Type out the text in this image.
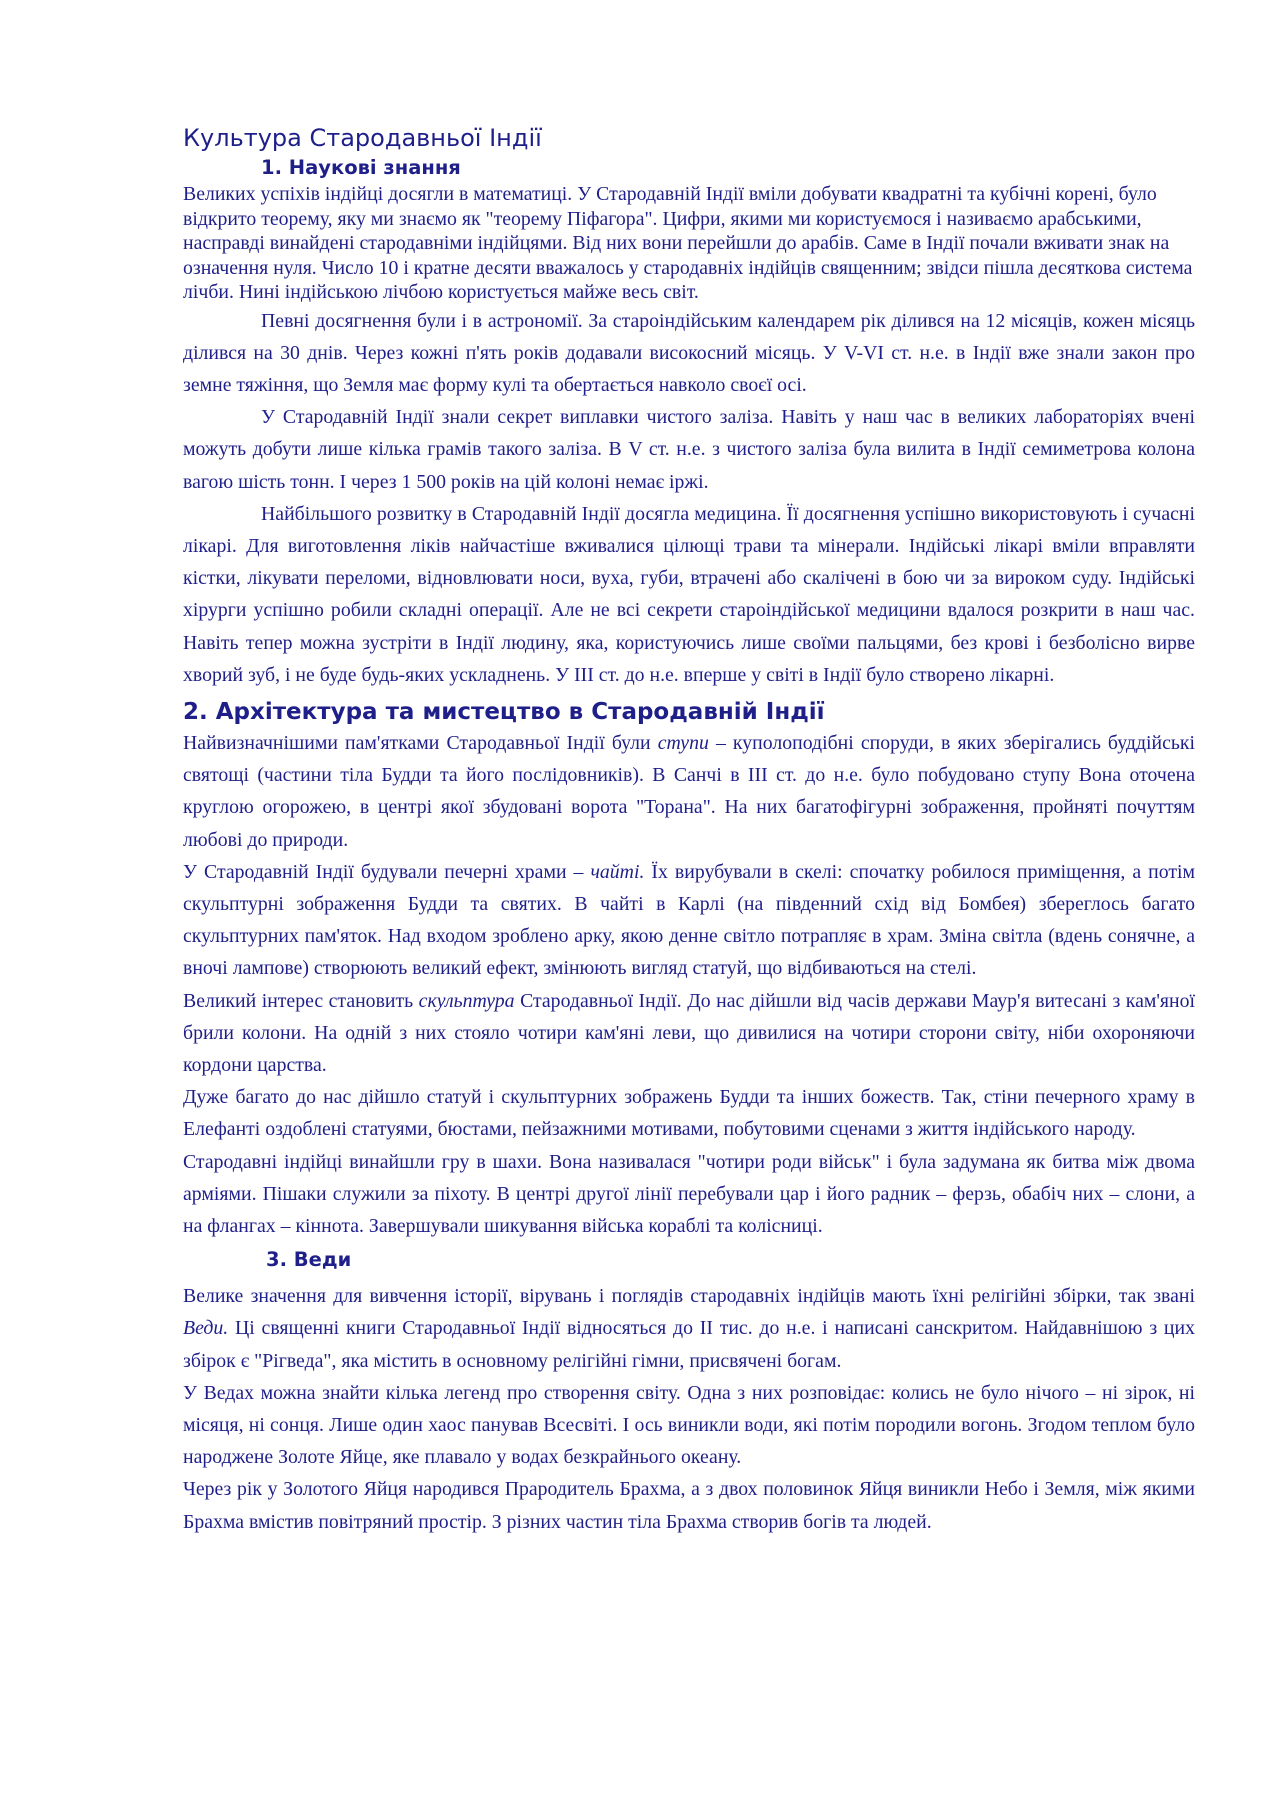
Культура Стародавньої Індії
1. Наукові знання

Великих успіхів індійці досягли в математиці. У Стародавній Індії вміли добувати квадратні та кубічні корені, було відкрито теорему, яку ми знаємо як "теорему Піфагора". Цифри, якими ми користуємося і називаємо арабськими, насправді винайдені стародавніми індійцями. Від них вони перейшли до арабів. Саме в Індії почали вживати знак на означення нуля. Число 10 і кратне десяти вважалось у стародавніх індійців священним; звідси пішла десяткова система лічби. Нині індійською лічбою користується майже весь світ.

Певні досягнення були і в астрономії. За староіндійським календарем рік ділився на 12 місяців, кожен місяць ділився на 30 днів. Через кожні п'ять років додавали високосний місяць. У V-VI ст. н.е. в Індії вже знали закон про земне тяжіння, що Земля має форму кулі та обертається навколо своєї осі.

У Стародавній Індії знали секрет виплавки чистого заліза. Навіть у наш час в великих лабораторіях вчені можуть добути лише кілька грамів такого заліза. В V ст. н.е. з чистого заліза була вилита в Індії семиметрова колона вагою шість тонн. І через 1 500 років на цій колоні немає іржі.

Найбільшого розвитку в Стародавній Індії досягла медицина. Її досягнення успішно використовують і сучасні лікарі. Для виготовлення ліків найчастіше вживалися цілющі трави та мінерали. Індійські лікарі вміли вправляти кістки, лікувати переломи, відновлювати носи, вуха, губи, втрачені або скалічені в бою чи за вироком суду. Індійські хірурги успішно робили складні операції. Але не всі секрети староіндійської медицини вдалося розкрити в наш час. Навіть тепер можна зустріти в Індії людину, яка, користуючись лише своїми пальцями, без крові і безболісно вирве хворий зуб, і не буде будь-яких ускладнень. У ІІІ ст. до н.е. вперше у світі в Індії було створено лікарні.

2. Архітектура та мистецтво в Стародавній Індії

Найвизначнішими пам'ятками Стародавньої Індії були ступи – куполоподібні споруди, в яких зберігались буддійські святощі (частини тіла Будди та його послідовників). В Санчі в ІІІ ст. до н.е. було побудовано ступу Вона оточена круглою огорожею, в центрі якої збудовані ворота "Торана". На них багатофігурні зображення, пройняті почуттям любові до природи.

У Стародавній Індії будували печерні храми – чайті. Їх вирубували в скелі: спочатку робилося приміщення, а потім скульптурні зображення Будди та святих. В чайті в Карлі (на південний схід від Бомбея) збереглось багато скульптурних пам'яток. Над входом зроблено арку, якою денне світло потрапляє в храм. Зміна світла (вдень сонячне, а вночі лампове) створюють великий ефект, змінюють вигляд статуй, що відбиваються на стелі.

Великий інтерес становить скульптура Стародавньої Індії. До нас дійшли від часів держави Маур'я витесані з кам'яної брили колони. На одній з них стояло чотири кам'яні леви, що дивилися на чотири сторони світу, ніби охороняючи кордони царства.

Дуже багато до нас дійшло статуй і скульптурних зображень Будди та інших божеств. Так, стіни печерного храму в Елефанті оздоблені статуями, бюстами, пейзажними мотивами, побутовими сценами з життя індійського народу.

Стародавні індійці винайшли гру в шахи. Вона називалася "чотири роди військ" і була задумана як битва між двома арміями. Пішаки служили за піхоту. В центрі другої лінії перебували цар і його радник – ферзь, обабіч них – слони, а на флангах – кіннота. Завершували шикування війська кораблі та колісниці.

3. Веди

Велике значення для вивчення історії, вірувань і поглядів стародавніх індійців мають їхні релігійні збірки, так звані Веди. Ці священні книги Стародавньої Індії відносяться до ІІ тис. до н.е. і написані санскритом. Найдавнішою з цих збірок є "Рігведа", яка містить в основному релігійні гімни, присвячені богам.

У Ведах можна знайти кілька легенд про створення світу. Одна з них розповідає: колись не було нічого – ні зірок, ні місяця, ні сонця. Лише один хаос панував Всесвіті. І ось виникли води, які потім породили вогонь. Згодом теплом було народжене Золоте Яйце, яке плавало у водах безкрайнього океану.

Через рік у Золотого Яйця народився Прародитель Брахма, а з двох половинок Яйця виникли Небо і Земля, між якими Брахма вмістив повітряний простір. З різних частин тіла Брахма створив богів та людей.
